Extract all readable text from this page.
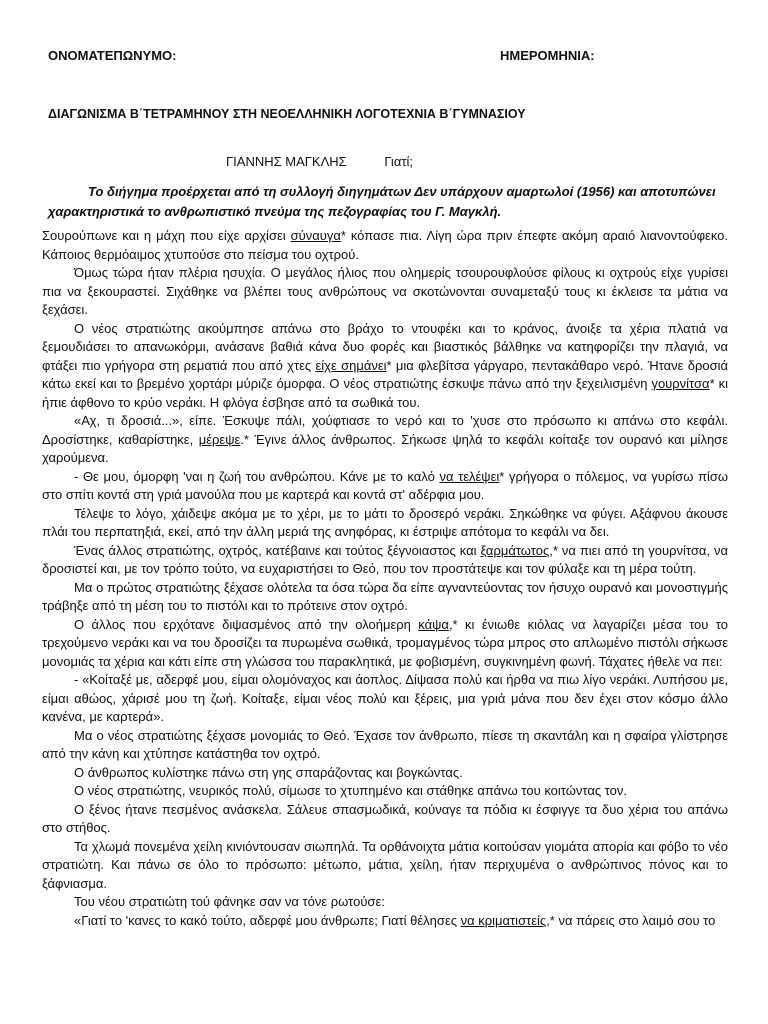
ΟΝΟΜΑΤΕΠΩΝΥΜΟ:	ΗΜΕΡΟΜΗΝΙΑ:
ΔΙΑΓΩΝΙΣΜΑ Β΄ΤΕΤΡΑΜΗΝΟΥ ΣΤΗ ΝΕΟΕΛΛΗΝΙΚΗ ΛΟΓΟΤΕΧΝΙΑ Β΄ΓΥΜΝΑΣΙΟΥ
ΓΙΑΝΝΗΣ ΜΑΓΚΛΗΣ	Γιατί;

Το διήγημα προέρχεται από τη συλλογή διηγημάτων Δεν υπάρχουν αμαρτωλοί (1956) και αποτυπώνει χαρακτηριστικά το ανθρωπιστικό πνεύμα της πεζογραφίας του Γ. Μαγκλή.

Σουρούπωνε και η μάχη που είχε αρχίσει σύναυγα* κόπασε πια. Λίγη ώρα πριν έπεφτε ακόμη αραιό λιανοντούφεκο. Κάποιος θερμόαιμος χτυπούσε στο πείσμα του οχτρού.

Όμως τώρα ήταν πλέρια ησυχία. Ο μεγάλος ήλιος που ολημερίς τσουρουφλούσε φίλους κι οχτρούς είχε γυρίσει πια να ξεκουραστεί. Σιχάθηκε να βλέπει τους ανθρώπους να σκοτώνονται συναμεταξύ τους κι έκλεισε τα μάτια να ξεχάσει.

Ο νέος στρατιώτης ακούμπησε απάνω στο βράχο το ντουφέκι και το κράνος, άνοιξε τα χέρια πλατιά να ξεμουδιάσει το απανωκόρμι, ανάσανε βαθιά κάνα δυο φορές και βιαστικός βάλθηκε να κατηφορίζει την πλαγιά, να φτάξει πιο γρήγορα στη ρεματιά που από χτες είχε σημάνει* μια φλεβίτσα γάργαρο, πεντακάθαρο νερό. Ήτανε δροσιά κάτω εκεί και το βρεμένο χορτάρι μύριζε όμορφα. Ο νέος στρατιώτης έσκυψε πάνω από την ξεχειλισμένη γουρνίτσα* κι ήπιε άφθονο το κρύο νεράκι. Η φλόγα έσβησε από τα σωθικά του.

«Αχ, τι δροσιά...», είπε. Έσκυψε πάλι, χούφτιασε το νερό και το 'χυσε στο πρόσωπο κι απάνω στο κεφάλι. Δροσίστηκε, καθαρίστηκε, μέρεψε.* Έγινε άλλος άνθρωπος. Σήκωσε ψηλά το κεφάλι κοίταξε τον ουρανό και μίλησε χαρούμενα.

- Θε μου, όμορφη 'ναι η ζωή του ανθρώπου. Κάνε με το καλό να τελέψει* γρήγορα ο πόλεμος, να γυρίσω πίσω στο σπίτι κοντά στη γριά μανούλα που με καρτερά και κοντά στ' αδέρφια μου.

Τέλεψε το λόγο, χάιδεψε ακόμα με το χέρι, με το μάτι το δροσερό νεράκι. Σηκώθηκε να φύγει. Αξάφνου άκουσε πλάι του περπατηξιά, εκεί, από την άλλη μεριά της ανηφόρας, κι έστριψε απότομα το κεφάλι να δει.

Ένας άλλος στρατιώτης, οχτρός, κατέβαινε και τούτος ξέγνοιαστος και ξαρμάτωτος,* να πιει από τη γουρνίτσα, να δροσιστεί και, με τον τρόπο τούτο, να ευχαριστήσει το Θεό, που τον προστάτεψε και τον φύλαξε και τη μέρα τούτη.

Μα ο πρώτος στρατιώτης ξέχασε ολότελα τα όσα τώρα δα είπε αγναντεύοντας τον ήσυχο ουρανό και μονοστιγμής τράβηξε από τη μέση του το πιστόλι και το πρότεινε στον οχτρό.

Ο άλλος που ερχότανε διψασμένος από την ολοήμερη κάψα,* κι ένιωθε κιόλας να λαγαρίζει μέσα του το τρεχούμενο νεράκι και να του δροσίζει τα πυρωμένα σωθικά, τρομαγμένος τώρα μπρος στο απλωμένο πιστόλι σήκωσε μονομιάς τα χέρια και κάτι είπε στη γλώσσα του παρακλητικά, με φοβισμένη, συγκινημένη φωνή. Τάχατες ήθελε να πει:

- «Κοίταξέ με, αδερφέ μου, είμαι ολομόναχος και άοπλος. Δίψασα πολύ και ήρθα να πιω λίγο νεράκι. Λυπήσου με, είμαι αθώος, χάρισέ μου τη ζωή. Κοίταξε, είμαι νέος πολύ και ξέρεις, μια γριά μάνα που δεν έχει στον κόσμο άλλο κανένα, με καρτερά».

Μα ο νέος στρατιώτης ξέχασε μονομιάς το Θεό. Έχασε τον άνθρωπο, πίεσε τη σκαντάλη και η σφαίρα γλίστρησε από την κάνη και χτύπησε κατάστηθα τον οχτρό.

Ο άνθρωπος κυλίστηκε πάνω στη γης σπαράζοντας και βογκώντας.

Ο νέος στρατιώτης, νευρικός πολύ, σίμωσε το χτυπημένο και στάθηκε απάνω του κοιτώντας τον.

Ο ξένος ήτανε πεσμένος ανάσκελα. Σάλευε σπασμωδικά, κούναγε τα πόδια κι έσφιγγε τα δυο χέρια του απάνω στο στήθος.

Τα χλωμά πονεμένα χείλη κινιόντουσαν σιωπηλά. Τα ορθάνοιχτα μάτια κοιτούσαν γιομάτα απορία και φόβο το νέο στρατιώτη. Και πάνω σε όλο το πρόσωπο: μέτωπο, μάτια, χείλη, ήταν περιχυμένα ο ανθρώπινος πόνος και το ξάφνιασμα.

Του νέου στρατιώτη τού φάνηκε σαν να τόνε ρωτούσε:

«Γιατί το 'κανες το κακό τούτο, αδερφέ μου άνθρωπε; Γιατί θέλησες να κριματιστείς,* να πάρεις στο λαιμό σου το
